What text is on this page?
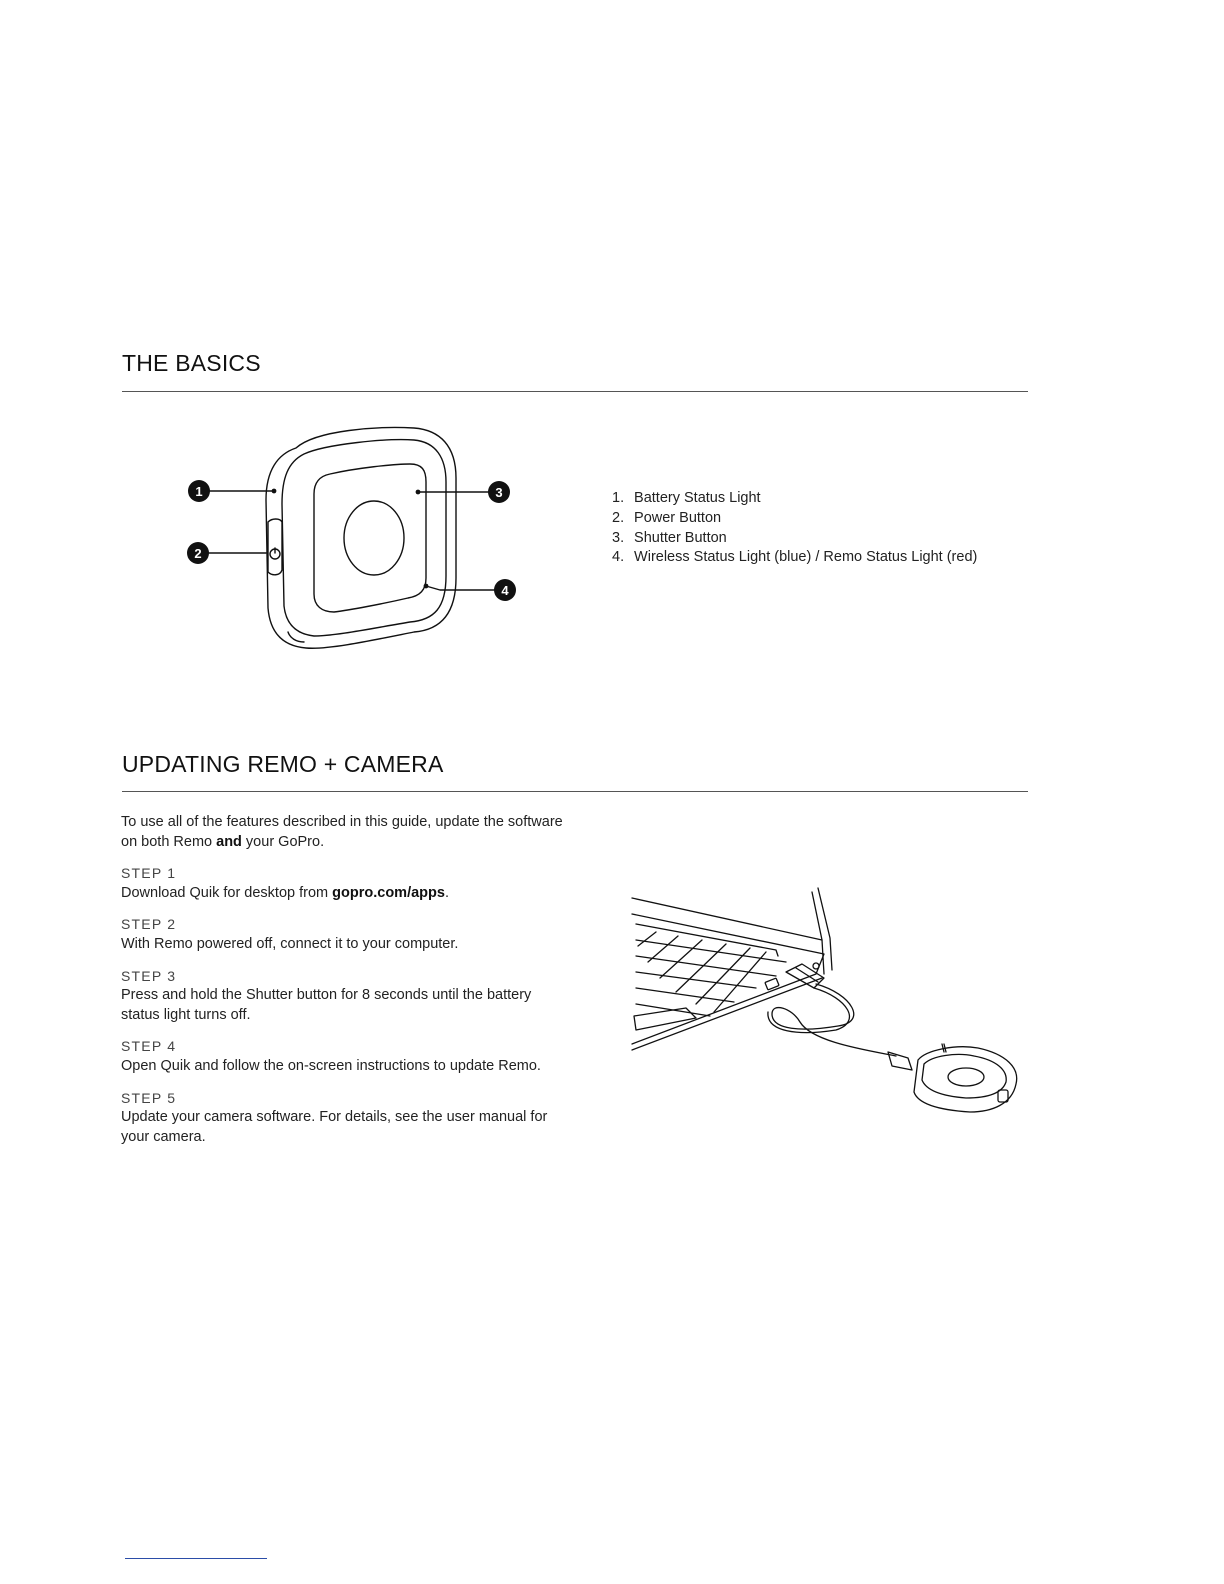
THE BASICS
1
2
3
4
1. Battery Status Light
2. Power Button
3. Shutter Button
4. Wireless Status Light (blue) / Remo Status Light (red)
UPDATING REMO + CAMERA

To use all of the features described in this guide, update the software on both Remo and your GoPro.

STEP 1

Download Quik for desktop from gopro.com/apps.

STEP 2

With Remo powered off, connect it to your computer.

STEP 3

Press and hold the Shutter button for 8 seconds until the battery status light turns off.

STEP 4

Open Quik and follow the on-screen instructions to update Remo.

STEP 5

Update your camera software. For details, see the user manual for your camera.
